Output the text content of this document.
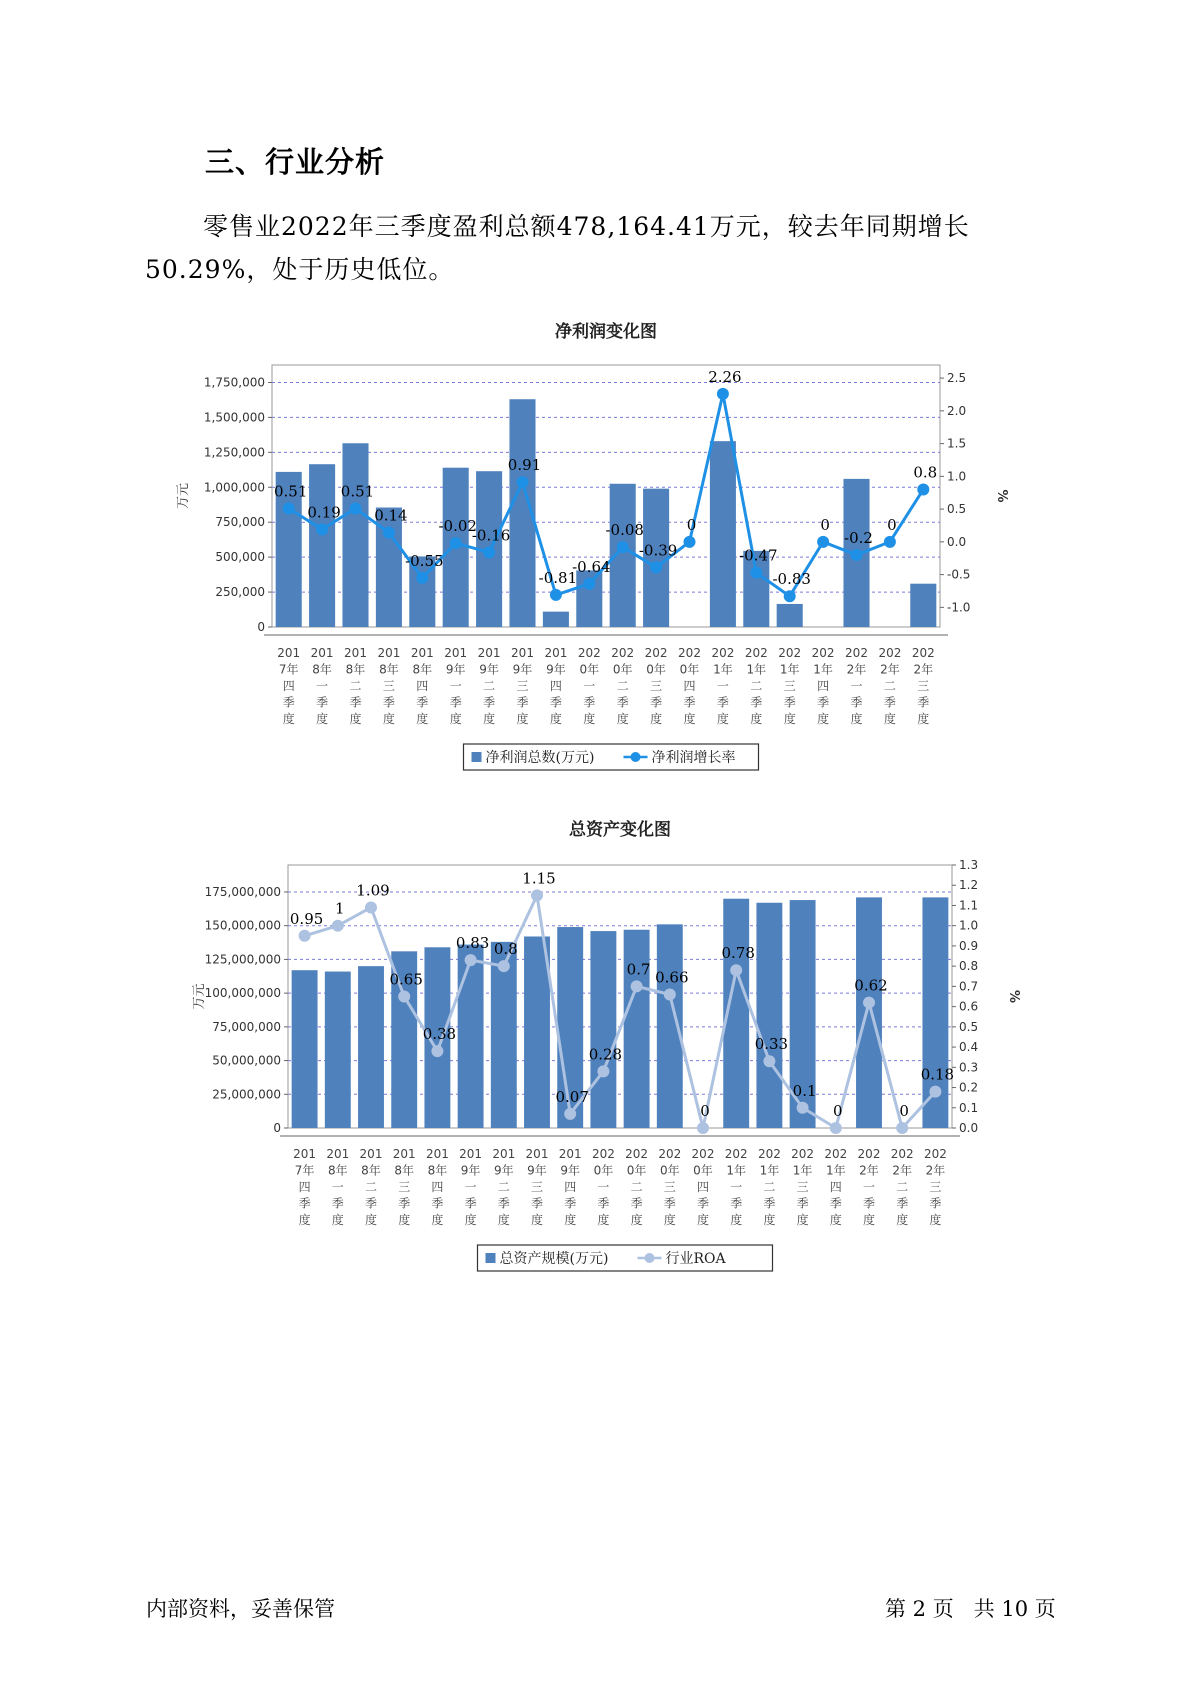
三、行业分析
零售业2022年三季度盈利总额478,164.41万元，较去年同期增长50.29%，处于历史低位。
净利润变化图
0
250,000
500,000
750,000
1,000,000
1,250,000
1,500,000
1,750,000
-1.0
-0.5
0.0
0.5
1.0
1.5
2.0
2.5
万元	%
0.51
0.19
0.51
0.14
-0.55
-0.02
-0.16
0.91
-0.81
-0.64
-0.08
-0.39
0
2.26
-0.47
-0.83
0
-0.2
0
0.8
201 7年四季度
201 8年一季度
201 8年二季度
201 8年三季度
201 8年四季度
201 9年一季度
201 9年二季度
201 9年三季度
201 9年四季度
202 0年一季度
202 0年二季度
202 0年三季度
202 0年四季度
202 1年一季度
202 1年二季度
202 1年三季度
202 1年四季度
202 2年一季度
202 2年二季度
202 2年三季度
净利润总数(万元)	净利润增长率
总资产变化图
0
25,000,000
50,000,000
75,000,000
100,000,000
125,000,000
150,000,000
175,000,000
0.0
0.1
0.2
0.3
0.4
0.5
0.6
0.7
0.8
0.9
1.0
1.1
1.2
1.3
万元	%
0.95
1
1.09
0.65
0.38
0.83 0.8
1.15
0.07
0.28
0.7 0.66
0
0.78
0.33
0.1
0
0.62
0
0.18
201 7年四季度
201 8年一季度
201 8年二季度
201 8年三季度
201 8年四季度
201 9年一季度
201 9年二季度
201 9年三季度
201 9年四季度
202 0年一季度
202 0年二季度
202 0年三季度
202 0年四季度
202 1年一季度
202 1年二季度
202 1年三季度
202 1年四季度
202 2年一季度
202 2年二季度
202 2年三季度
总资产规模(万元)	行业ROA
内部资料，妥善保管	第 2 页   共 10 页
